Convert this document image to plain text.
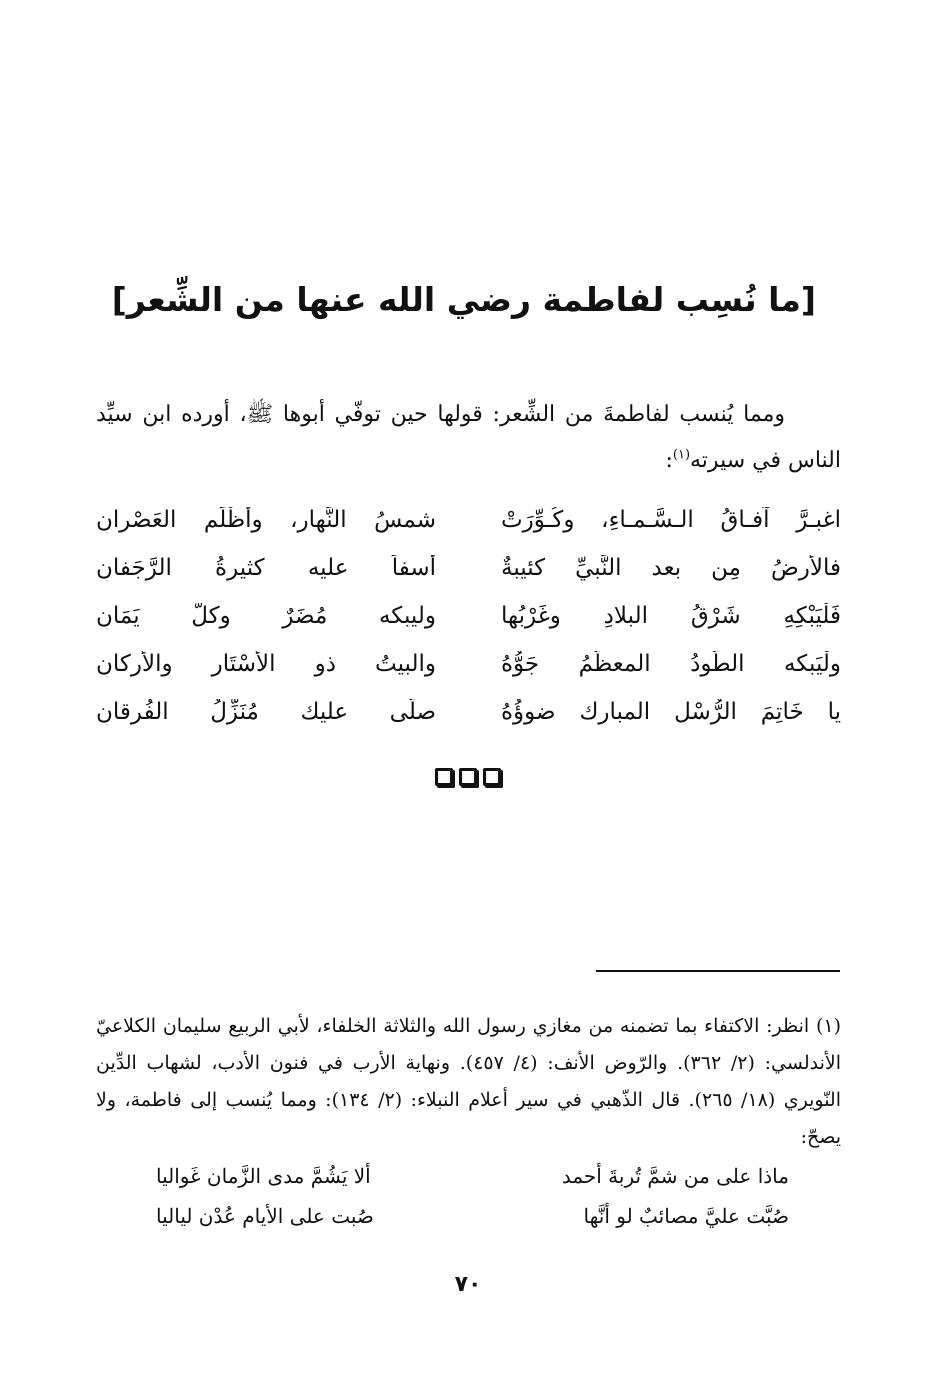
[ما نُسِب لفاطمة رضي الله عنها من الشِّعر]

ومما يُنسب لفاطمةَ من الشِّعر: قولها حين توفّي أبوها ﷺ، أورده ابن سيِّد الناس في سيرته$^{(١)}$:

اغبـرَّ آفـاقُ الـسَّـمـاءِ، وكُـوِّرَتْ
شمسُ النَّهار، وأظْلَم العَصْرانِ
فالأرضُ مِن بعد النَّبيِّ كئيبةٌ
أسفاً عليه كثيرةُ الرَّجَفانِ
فَلْيَبْكِهِ شَرْقُ البلادِ وغَرْبُها
وليبكه مُضَرٌ وكلُّ يَمَانِ
ولْيَبكه الطَّودُ المعظَّمُ جَوُّهُ
والبيتُ ذو الأسْتَار والأركانِ
يا خَاتِمَ الرُّسْل المبارك ضوؤُهُ
صلَّى عليك مُنَزِّلُ الفُرقانِ
(١) انظر: الاكتفاء بما تضمنه من مغازي رسول الله والثلاثة الخلفاء، لأبي الربيع سليمان الكلاعيّ الأندلسي: (٢/ ٣٦٢). والرّوض الأنف: (٤/ ٤٥٧). ونهاية الأرب في فنون الأدب، لشهاب الدِّين النّويري (١٨/ ٢٦٥). قال الذّهبي في سير أعلام النبلاء: (٢/ ١٣٤): ومما يُنسب إلى فاطمة، ولا يصحّ:
ماذا على من شمَّ تُربةَ أحمد
ألا يَشُمَّ مدى الزَّمان غَواليا
صُبَّت عليَّ مصائبٌ لو أنَّها
صُبت على الأيام عُدْن لياليا
٧٠
